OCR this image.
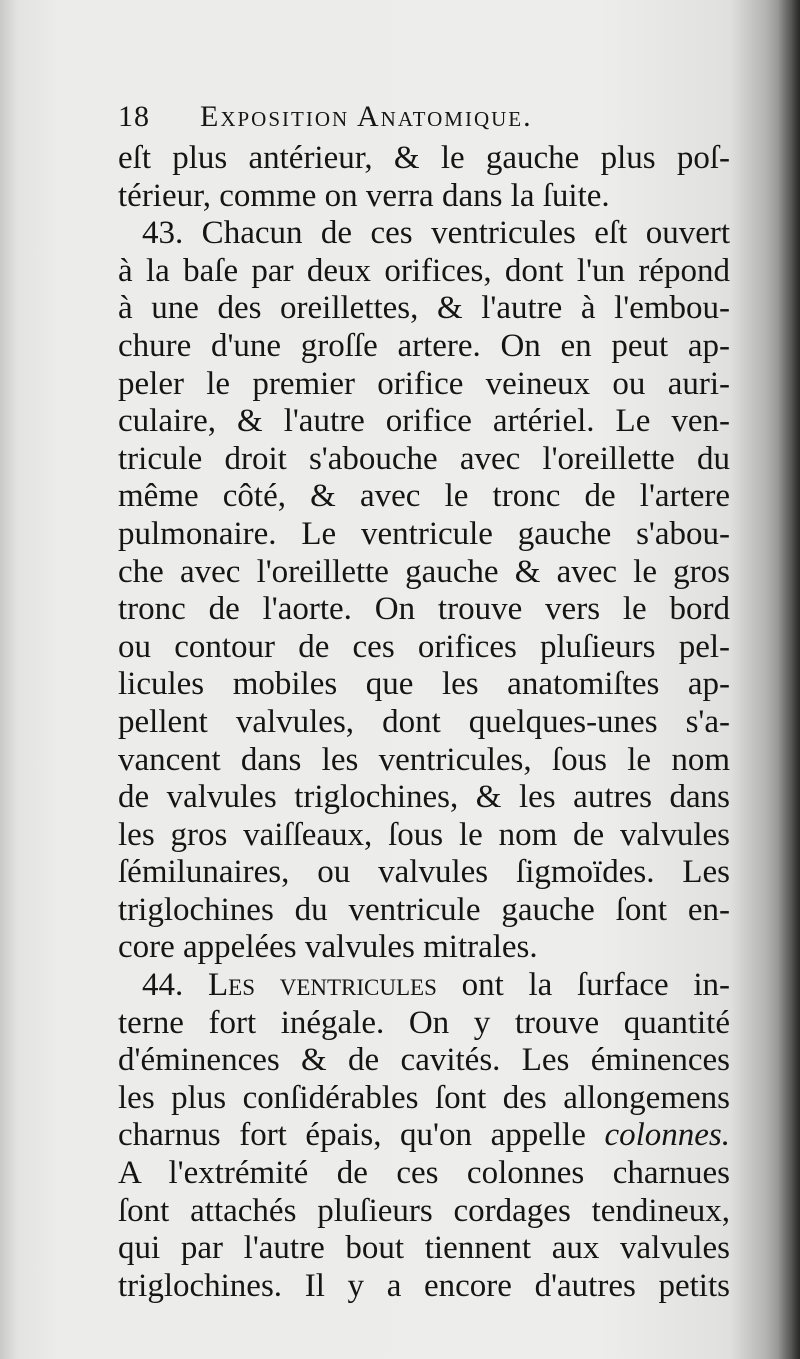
18 Exposition Anatomique.
eſt plus antérieur, & le gauche plus poſ-
térieur, comme on verra dans la ſuite.
43. Chacun de ces ventricules eſt ouvert
à la baſe par deux orifices, dont l'un répond
à une des oreillettes, & l'autre à l'embou-
chure d'une groſſe artere. On en peut ap-
peler le premier orifice veineux ou auri-
culaire, & l'autre orifice artériel. Le ven-
tricule droit s'abouche avec l'oreillette du
même côté, & avec le tronc de l'artere
pulmonaire. Le ventricule gauche s'abou-
che avec l'oreillette gauche & avec le gros
tronc de l'aorte. On trouve vers le bord
ou contour de ces orifices pluſieurs pel-
licules mobiles que les anatomiſtes ap-
pellent valvules, dont quelques-unes s'a-
vancent dans les ventricules, ſous le nom
de valvules triglochines, & les autres dans
les gros vaiſſeaux, ſous le nom de valvules
ſémilunaires, ou valvules ſigmoïdes. Les
triglochines du ventricule gauche ſont en-
core appelées valvules mitrales.
44. Les ventricules ont la ſurface in-
terne fort inégale. On y trouve quantité
d'éminences & de cavités. Les éminences
les plus conſidérables ſont des allongemens
charnus fort épais, qu'on appelle colonnes.
A l'extrémité de ces colonnes charnues
ſont attachés pluſieurs cordages tendineux,
qui par l'autre bout tiennent aux valvules
triglochines. Il y a encore d'autres petits
